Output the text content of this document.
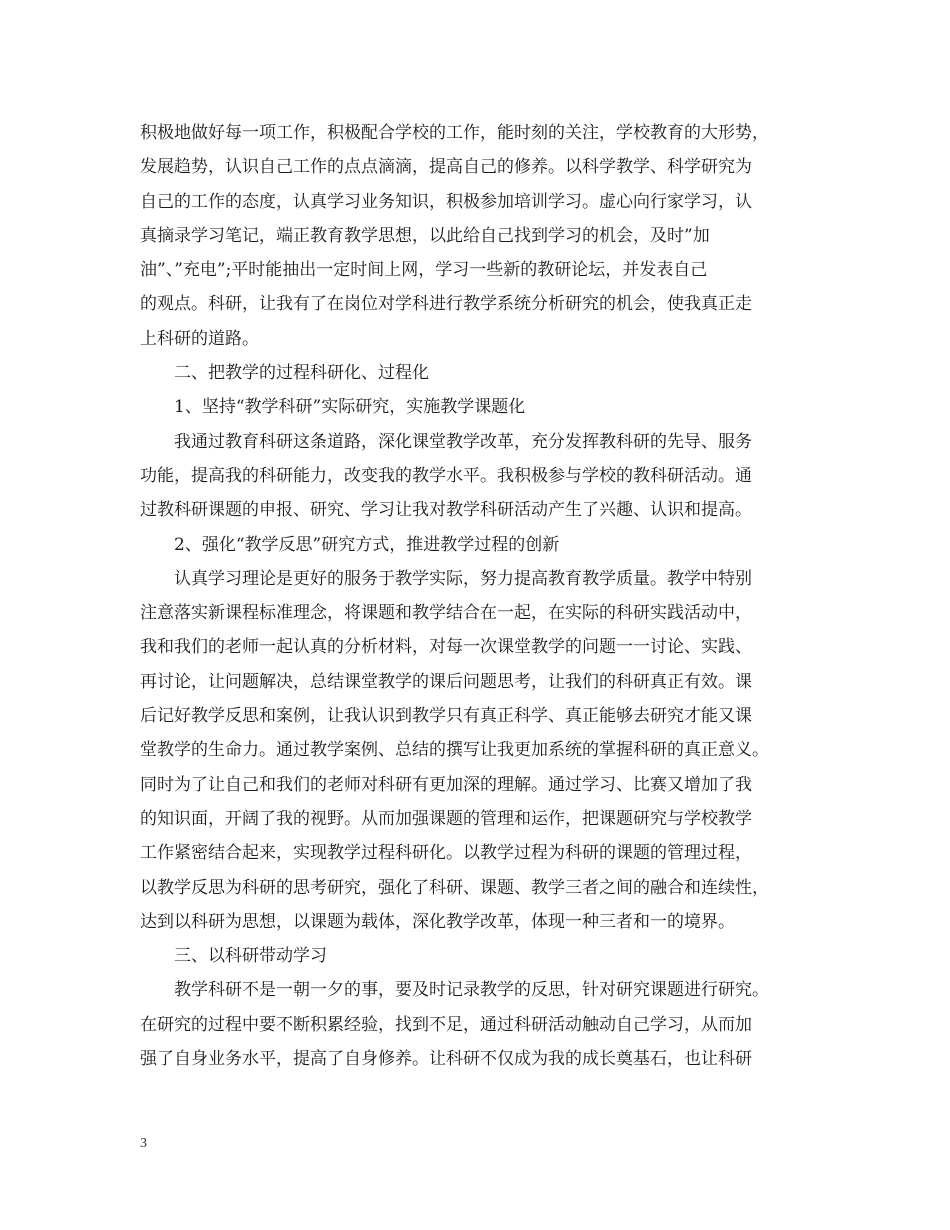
积极地做好每一项工作，积极配合学校的工作，能时刻的关注，学校教育的大形势，
发展趋势，认识自己工作的点点滴滴，提高自己的修养。以科学教学、科学研究为
自己的工作的态度，认真学习业务知识，积极参加培训学习。虚心向行家学习，认
真摘录学习笔记，端正教育教学思想，以此给自己找到学习的机会，及时”加
油”、”充电”;平时能抽出一定时间上网，学习一些新的教研论坛，并发表自己
的观点。科研，让我有了在岗位对学科进行教学系统分析研究的机会，使我真正走
上科研的道路。
二、把教学的过程科研化、过程化
1、坚持“教学科研”实际研究，实施教学课题化
我通过教育科研这条道路，深化课堂教学改革，充分发挥教科研的先导、服务
功能，提高我的科研能力，改变我的教学水平。我积极参与学校的教科研活动。通
过教科研课题的申报、研究、学习让我对教学科研活动产生了兴趣、认识和提高。
2、强化“教学反思”研究方式，推进教学过程的创新
认真学习理论是更好的服务于教学实际，努力提高教育教学质量。教学中特别
注意落实新课程标准理念，将课题和教学结合在一起，在实际的科研实践活动中，
我和我们的老师一起认真的分析材料，对每一次课堂教学的问题一一讨论、实践、
再讨论，让问题解决，总结课堂教学的课后问题思考，让我们的科研真正有效。课
后记好教学反思和案例，让我认识到教学只有真正科学、真正能够去研究才能又课
堂教学的生命力。通过教学案例、总结的撰写让我更加系统的掌握科研的真正意义。
同时为了让自己和我们的老师对科研有更加深的理解。通过学习、比赛又增加了我
的知识面，开阔了我的视野。从而加强课题的管理和运作，把课题研究与学校教学
工作紧密结合起来，实现教学过程科研化。以教学过程为科研的课题的管理过程，
以教学反思为科研的思考研究，强化了科研、课题、教学三者之间的融合和连续性，
达到以科研为思想，以课题为载体，深化教学改革，体现一种三者和一的境界。
三、以科研带动学习
教学科研不是一朝一夕的事，要及时记录教学的反思，针对研究课题进行研究。
在研究的过程中要不断积累经验，找到不足，通过科研活动触动自己学习，从而加
强了自身业务水平，提高了自身修养。让科研不仅成为我的成长奠基石，也让科研
3
